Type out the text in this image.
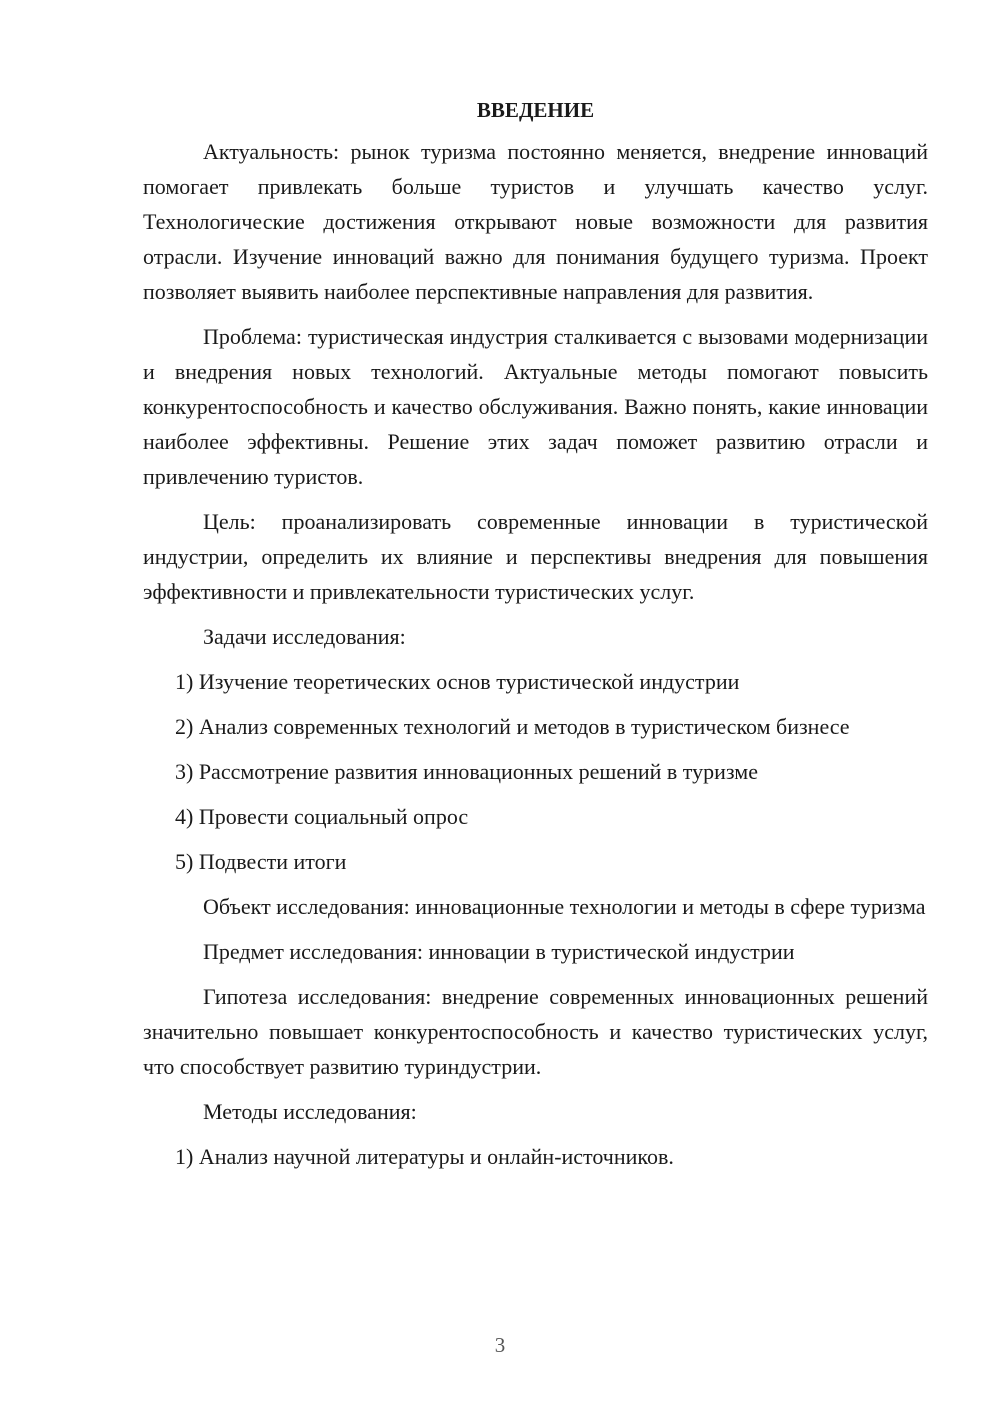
ВВЕДЕНИЕ

Актуальность: рынок туризма постоянно меняется, внедрение инноваций помогает привлекать больше туристов и улучшать качество услуг. Технологические достижения открывают новые возможности для развития отрасли. Изучение инноваций важно для понимания будущего туризма. Проект позволяет выявить наиболее перспективные направления для развития.

Проблема: туристическая индустрия сталкивается с вызовами модернизации и внедрения новых технологий. Актуальные методы помогают повысить конкурентоспособность и качество обслуживания. Важно понять, какие инновации наиболее эффективны. Решение этих задач поможет развитию отрасли и привлечению туристов.

Цель: проанализировать современные инновации в туристической индустрии, определить их влияние и перспективы внедрения для повышения эффективности и привлекательности туристических услуг.

Задачи исследования:

1) Изучение теоретических основ туристической индустрии

2) Анализ современных технологий и методов в туристическом бизнесе

3) Рассмотрение развития инновационных решений в туризме

4) Провести социальный опрос

5) Подвести итоги

Объект исследования: инновационные технологии и методы в сфере туризма

Предмет исследования: инновации в туристической индустрии

Гипотеза исследования: внедрение современных инновационных решений значительно повышает конкурентоспособность и качество туристических услуг, что способствует развитию туриндустрии.

Методы исследования:

1) Анализ научной литературы и онлайн-источников.

3
